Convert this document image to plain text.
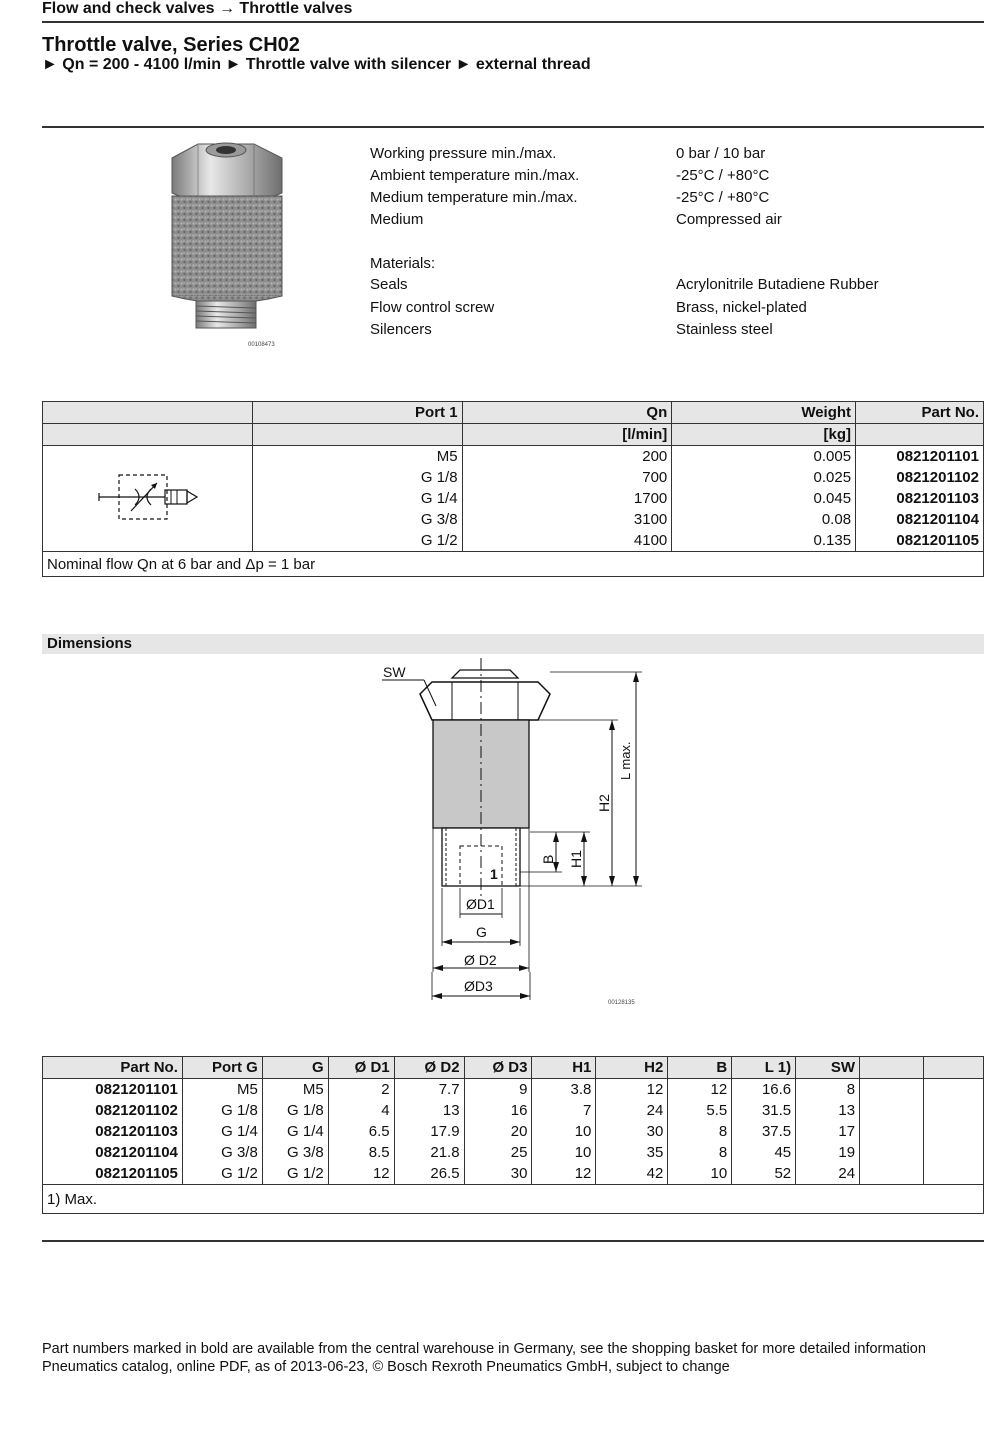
Flow and check valves → Throttle valves
Throttle valve, Series CH02
► Qn = 200 - 4100 l/min ► Throttle valve with silencer ► external thread
00108473
Working pressure min./max.	0 bar / 10 bar
Ambient temperature min./max.	-25°C / +80°C
Medium temperature min./max.	-25°C / +80°C
Medium	Compressed air
Materials:
Seals	Acrylonitrile Butadiene Rubber
Flow control screw	Brass, nickel-plated
Silencers	Stainless steel
	Port 1	Qn	Weight	Part No.
		[l/min]	[kg]	
	M5	200	0.005	0821201101
	G 1/8	700	0.025	0821201102
	G 1/4	1700	0.045	0821201103
	G 3/8	3100	0.08	0821201104
	G 1/2	4100	0.135	0821201105
Nominal flow Qn at 6 bar and Δp = 1 bar				
Dimensions
SW
L max.
H2
H1
B
1
ØD1
G
Ø D2
ØD3
00128135
Part No.	Port G	G	Ø D1	Ø D2	Ø D3	H1	H2	B	L 1)	SW		
0821201101	M5	M5	2	7.7	9	3.8	12	12	16.6	8		
0821201102	G 1/8	G 1/8	4	13	16	7	24	5.5	31.5	13		
0821201103	G 1/4	G 1/4	6.5	17.9	20	10	30	8	37.5	17		
0821201104	G 3/8	G 3/8	8.5	21.8	25	10	35	8	45	19		
0821201105	G 1/2	G 1/2	12	26.5	30	12	42	10	52	24		
1) Max.												
Part numbers marked in bold are available from the central warehouse in Germany, see the shopping basket for more detailed information
Pneumatics catalog, online PDF, as of 2013-06-23, © Bosch Rexroth Pneumatics GmbH, subject to change
